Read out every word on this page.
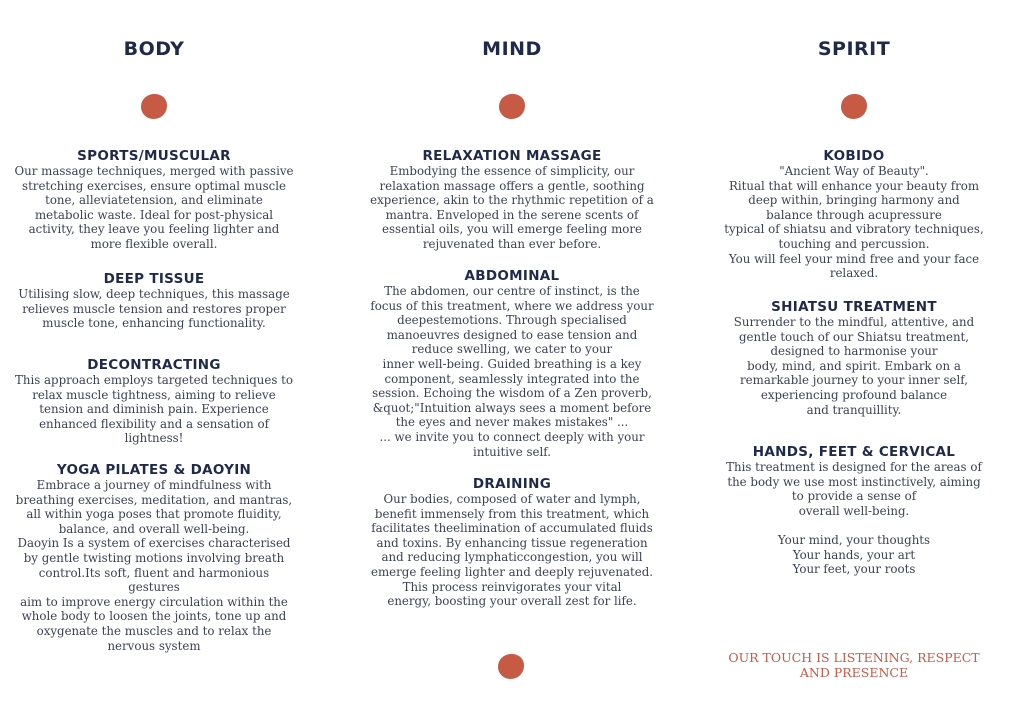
BODY
SPORTS/MUSCULAR

Our massage techniques, merged with passive
stretching exercises, ensure optimal muscle
tone, alleviatetension, and eliminate
metabolic waste. Ideal for post-physical
activity, they leave you feeling lighter and
more flexible overall.

DEEP TISSUE

Utilising slow, deep techniques, this massage
relieves muscle tension and restores proper
muscle tone, enhancing functionality.

DECONTRACTING

This approach employs targeted techniques to
relax muscle tightness, aiming to relieve
tension and diminish pain. Experience
enhanced flexibility and a sensation of
lightness!

YOGA PILATES & DAOYIN

Embrace a journey of mindfulness with
breathing exercises, meditation, and mantras,
all within yoga poses that promote fluidity,
balance, and overall well-being.
Daoyin Is a system of exercises characterised
by gentle twisting motions involving breath
control.Its soft, fluent and harmonious gestures
aim to improve energy circulation within the
whole body to loosen the joints, tone up and
oxygenate the muscles and to relax the
nervous system

MIND
RELAXATION MASSAGE

Embodying the essence of simplicity, our
relaxation massage offers a gentle, soothing
experience, akin to the rhythmic repetition of a
mantra. Enveloped in the serene scents of
essential oils, you will emerge feeling more
rejuvenated than ever before.

ABDOMINAL

The abdomen, our centre of instinct, is the
focus of this treatment, where we address your
deepestemotions. Through specialised
manoeuvres designed to ease tension and
reduce swelling, we cater to your
inner well-being. Guided breathing is a key
component, seamlessly integrated into the
session. Echoing the wisdom of a Zen proverb,
&quot;"Intuition always sees a moment before
the eyes and never makes mistakes" ...
... we invite you to connect deeply with your
intuitive self.

DRAINING

Our bodies, composed of water and lymph,
benefit immensely from this treatment, which
facilitates theelimination of accumulated fluids
and toxins. By enhancing tissue regeneration
and reducing lymphaticcongestion, you will
emerge feeling lighter and deeply rejuvenated.
This process reinvigorates your vital
energy, boosting your overall zest for life.

SPIRIT
KOBIDO

"Ancient Way of Beauty".
Ritual that will enhance your beauty from
deep within, bringing harmony and
balance through acupressure
typical of shiatsu and vibratory techniques,
touching and percussion.
You will feel your mind free and your face
relaxed.

SHIATSU TREATMENT

Surrender to the mindful, attentive, and
gentle touch of our Shiatsu treatment,
designed to harmonise your
body, mind, and spirit. Embark on a
remarkable journey to your inner self,
experiencing profound balance
and tranquillity.

HANDS, FEET & CERVICAL

This treatment is designed for the areas of
the body we use most instinctively, aiming
to provide a sense of
overall well-being.

Your mind, your thoughts
Your hands, your art
Your feet, your roots

OUR TOUCH IS LISTENING, RESPECT
AND PRESENCE
